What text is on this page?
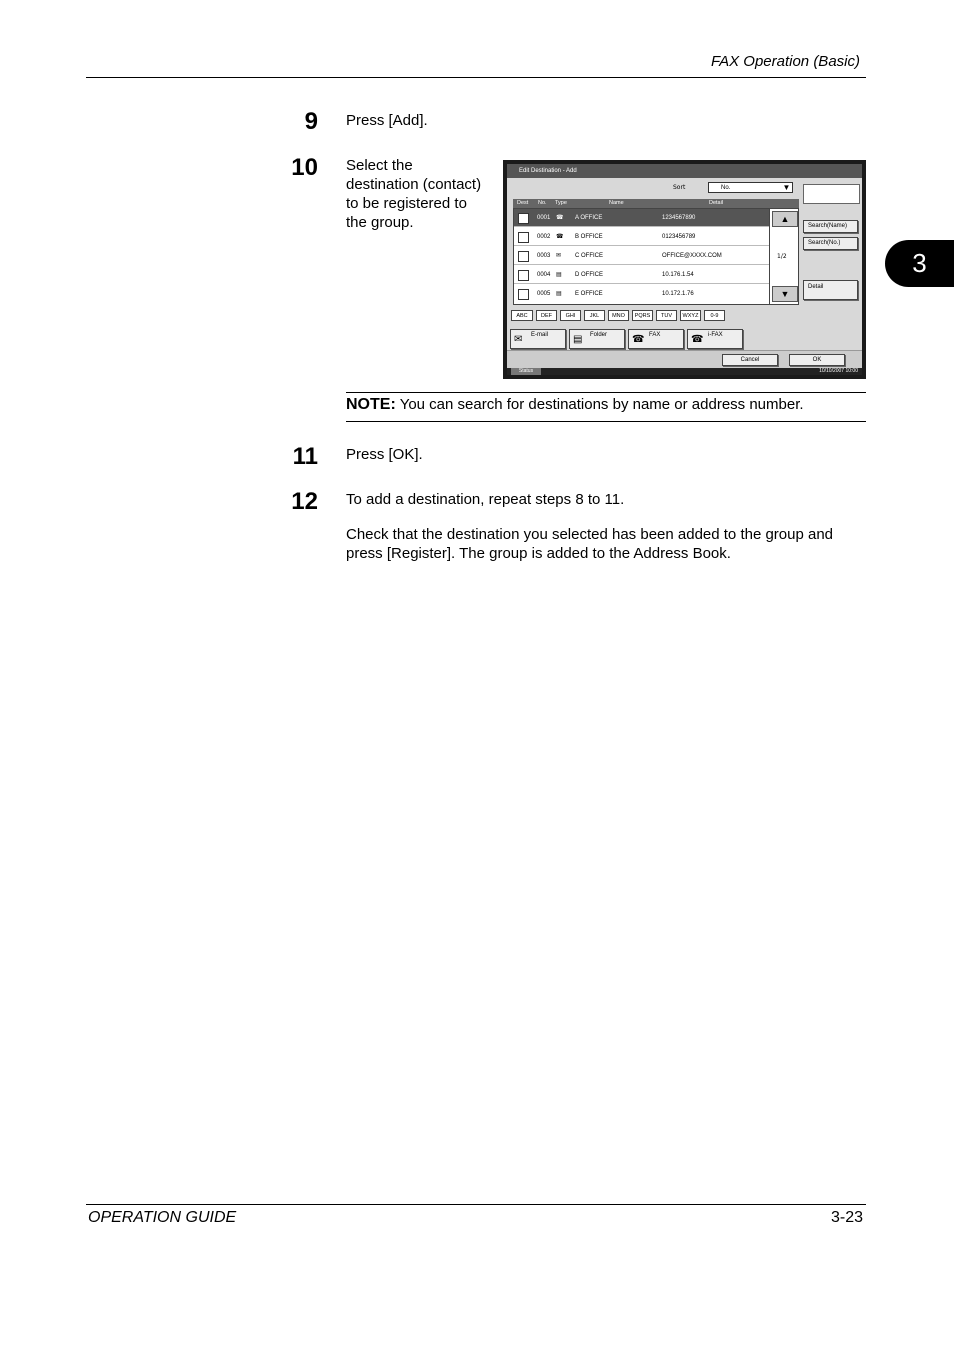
FAX Operation (Basic)
3
9 Press [Add].
10 Select the
destination (contact)
to be registered to
the group.
Edit Destination - Add
Sort	No.	▼
Dest No. Type	Name	Detail
0001 ☎ A OFFICE	1234567890
0002 ☎ B OFFICE	0123456789
0003 ✉ C OFFICE	OFFICE@XXXX.COM
0004 ▤ D OFFICE	10.176.1.54
0005 ▤ E OFFICE	10.172.1.76
▲
1/2
▼
Search(Name)
Search(No.)
Detail
ABC	DEF	GHI	JKL	MNO	PQRS	TUV	WXYZ	0-9
✉ E-mail ▤ Folder ☎ FAX	☎ i-FAX
Cancel	OK
Status	10/10/2007 10:00
NOTE: You can search for destinations by name or address number.
11 Press [OK].
12 To add a destination, repeat steps 8 to 11.
Check that the destination you selected has been added to the group and
press [Register]. The group is added to the Address Book.
OPERATION GUIDE	3-23
